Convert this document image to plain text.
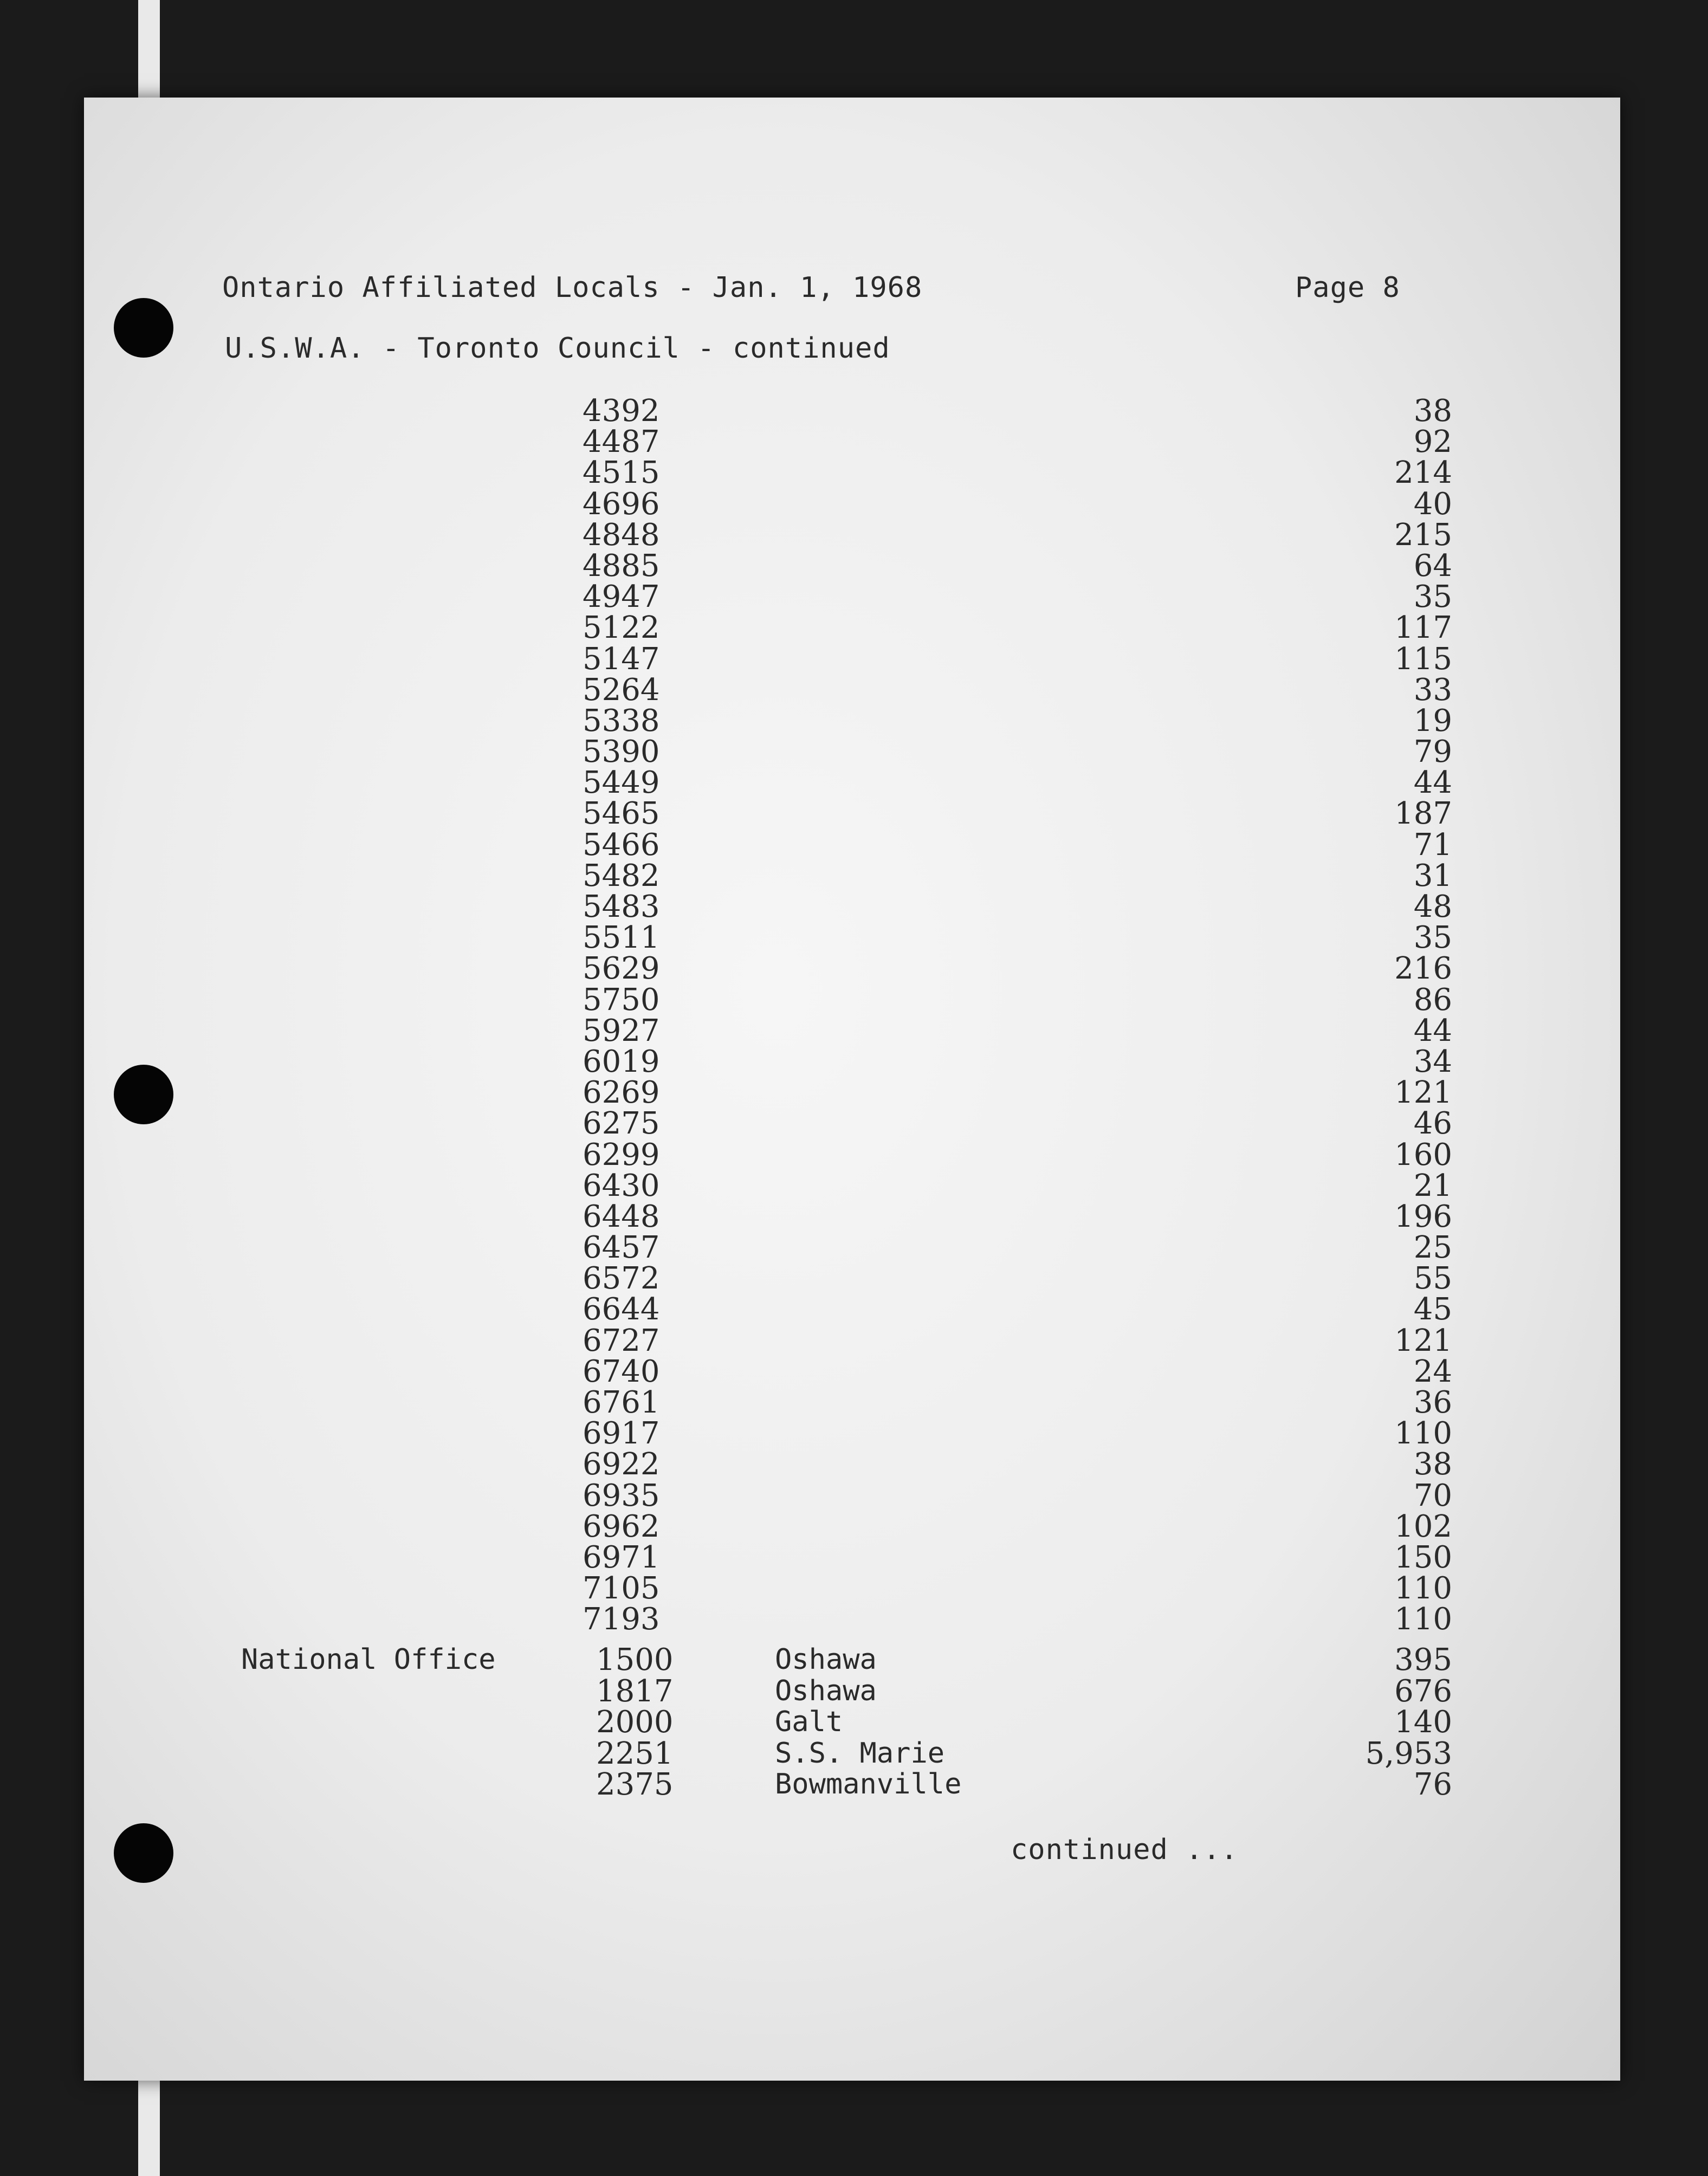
Ontario Affiliated Locals - Jan. 1, 1968	Page 8
U.S.W.A. - Toronto Council - continued
4392	38
4487	92
4515	214
4696	40
4848	215
4885	64
4947	35
5122	117
5147	115
5264	33
5338	19
5390	79
5449	44
5465	187
5466	71
5482	31
5483	48
5511	35
5629	216
5750	86
5927	44
6019	34
6269	121
6275	46
6299	160
6430	21
6448	196
6457	25
6572	55
6644	45
6727	121
6740	24
6761	36
6917	110
6922	38
6935	70
6962	102
6971	150
7105	110
7193	110
National Office	1500	Oshawa	395
1817	Oshawa	676
2000	Galt	140
2251	S.S. Marie	5,953
2375	Bowmanville	76
continued ...
